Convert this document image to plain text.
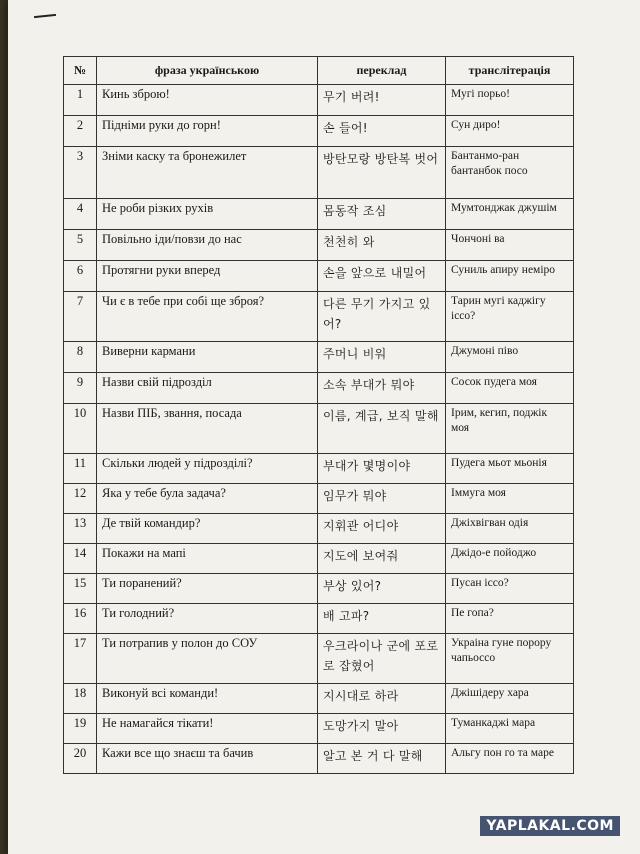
№	фраза українською	переклад	транслітерація
1	Кинь зброю!	무기 버려!	Мугі порьо!
2	Підніми руки до горн!	손 들어!	Сун диро!
3	Зніми каску та бронежилет	방탄모랑 방탄복 벗어	Бантанмо-ран бантанбок посо
4	Не роби різких рухів	몸동작 조심	Мумтонджак джушім
5	Повільно іди/повзи до нас	천천히 와	Чончоні ва
6	Протягни руки вперед	손을 앞으로 내밀어	Суниль апиру неміро
7	Чи є в тебе при собі ще зброя?	다른 무기 가지고 있어?	Тарин мугі каджігу іссо?
8	Виверни кармани	주머니 비워	Джумоні піво
9	Назви свій підрозділ	소속 부대가 뭐야	Сосок пудега моя
10	Назви ПІБ, звання, посада	이름, 계급, 보직 말해	Ірим, кегип, поджік моя
11	Скільки людей у підрозділі?	부대가 몇명이야	Пудега мьот мьонія
12	Яка у тебе була задача?	임무가 뭐야	Іммуга моя
13	Де твій командир?	지휘관 어디야	Джіхвігван одія
14	Покажи на мапі	지도에 보여줘	Джідо-е пойоджо
15	Ти поранений?	부상 있어?	Пусан іссо?
16	Ти голодний?	배 고파?	Пе гопа?
17	Ти потрапив у полон до СОУ	우크라이나 군에 포로로 잡혔어	Украіна гуне порору чапьоссо
18	Виконуй всі команди!	지시대로 하라	Джішідеру хара
19	Не намагайся тікати!	도망가지 말아	Туманкаджі мара
20	Кажи все що знаєш та бачив	알고 본 거 다 말해	Альгу пон го та маре
YAPLAKAL.COM
